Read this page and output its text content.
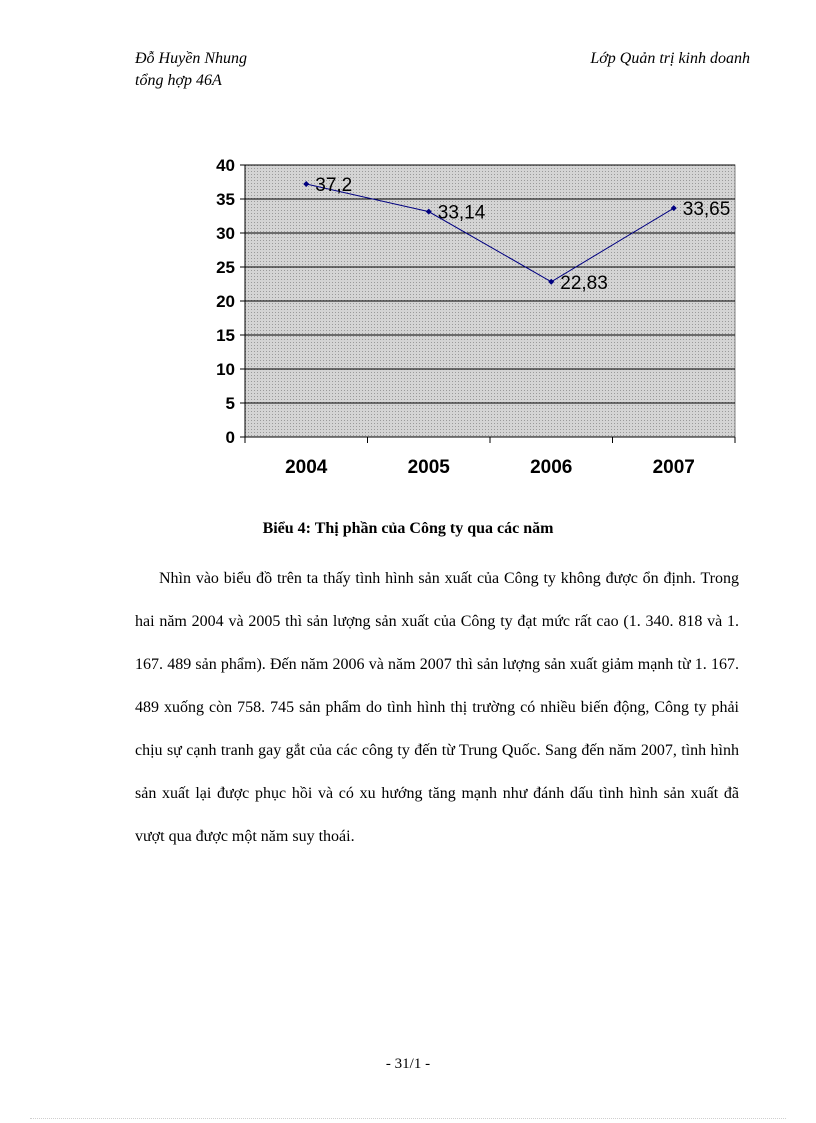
Đỗ Huyền Nhung
tổng hợp 46A
Lớp Quản trị kinh doanh
0
5
10
15
20
25
30
35
40
2004	2005	2006	2007
37,2
33,14
22,83
33,65
Biểu 4: Thị phần của Công ty qua các năm

Nhìn vào biểu đồ trên ta thấy tình hình sản xuất của Công ty không được ổn định. Trong hai năm 2004 và 2005 thì sản lượng sản xuất của Công ty đạt mức rất cao (1. 340. 818 và 1. 167. 489 sản phẩm). Đến năm 2006 và năm 2007 thì sản lượng sản xuất giảm mạnh từ 1. 167. 489 xuống còn 758. 745 sản phẩm do tình hình thị trường có nhiều biến động, Công ty phải chịu sự cạnh tranh gay gắt của các công ty đến từ Trung Quốc. Sang đến năm 2007, tình hình sản xuất lại được phục hồi và có xu hướng tăng mạnh như đánh dấu tình hình sản xuất đã vượt qua được một năm suy thoái.

- 31/1 -
